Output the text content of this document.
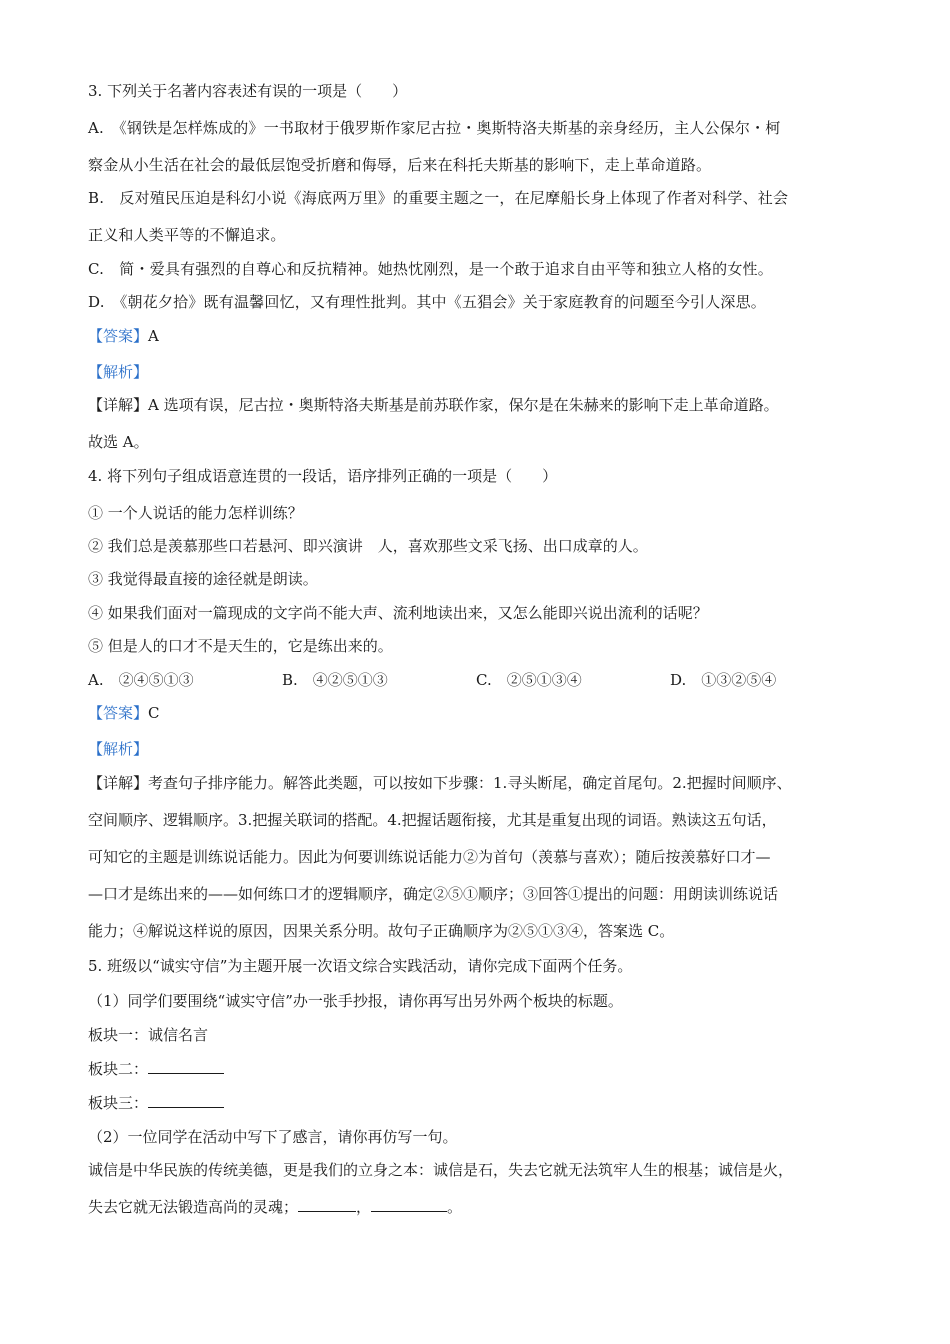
3. 下列关于名著内容表述有误的一项是（　　）
A.　《钢铁是怎样炼成的》一书取材于俄罗斯作家尼古拉・奥斯特洛夫斯基的亲身经历，主人公保尔・柯
察金从小生活在社会的最低层饱受折磨和侮辱，后来在科托夫斯基的影响下，走上革命道路。
B.　反对殖民压迫是科幻小说《海底两万里》的重要主题之一，在尼摩船长身上体现了作者对科学、社会
正义和人类平等的不懈追求。
C.　简・爱具有强烈的自尊心和反抗精神。她热忱刚烈，是一个敢于追求自由平等和独立人格的女性。
D.　《朝花夕拾》既有温馨回忆，又有理性批判。其中《五猖会》关于家庭教育的问题至今引人深思。
【答案】A
【解析】
【详解】A 选项有误，尼古拉・奥斯特洛夫斯基是前苏联作家，保尔是在朱赫来的影响下走上革命道路。
故选 A。
4. 将下列句子组成语意连贯的一段话，语序排列正确的一项是（　　）
① 一个人说话的能力怎样训练？
② 我们总是羡慕那些口若悬河、即兴演讲　人，喜欢那些文采飞扬、出口成章的人。
③ 我觉得最直接的途径就是朗读。
④ 如果我们面对一篇现成的文字尚不能大声、流利地读出来，又怎么能即兴说出流利的话呢？
⑤ 但是人的口才不是天生的，它是练出来的。
A.　②④⑤①③	B.　④②⑤①③	C.　②⑤①③④	D.　①③②⑤④
【答案】C
【解析】
【详解】考查句子排序能力。解答此类题，可以按如下步骤：1.寻头断尾，确定首尾句。2.把握时间顺序、
空间顺序、逻辑顺序。3.把握关联词的搭配。4.把握话题衔接，尤其是重复出现的词语。熟读这五句话，
可知它的主题是训练说话能力。因此为何要训练说话能力②为首句（羡慕与喜欢）；随后按羡慕好口才—
—口才是练出来的——如何练口才的逻辑顺序，确定②⑤①顺序；③回答①提出的问题：用朗读训练说话
能力；④解说这样说的原因，因果关系分明。故句子正确顺序为②⑤①③④，答案选 C。
5. 班级以“诚实守信”为主题开展一次语文综合实践活动，请你完成下面两个任务。
（1）同学们要围绕“诚实守信”办一张手抄报，请你再写出另外两个板块的标题。
板块一：诚信名言
板块二：
板块三：
（2）一位同学在活动中写下了感言，请你再仿写一句。
诚信是中华民族的传统美德，更是我们的立身之本：诚信是石，失去它就无法筑牢人生的根基；诚信是火，
失去它就无法锻造高尚的灵魂；	，	。
